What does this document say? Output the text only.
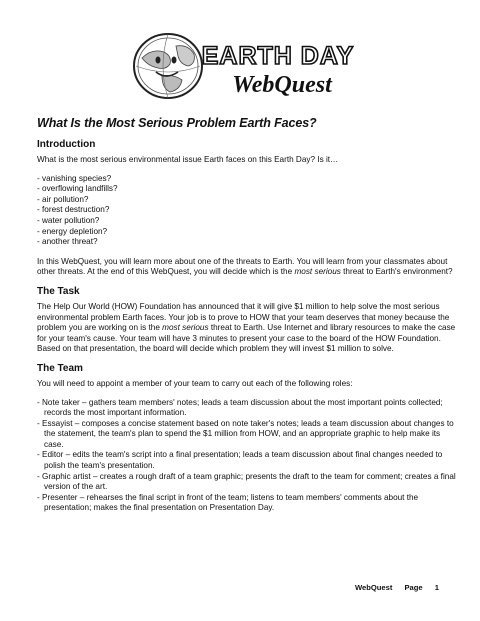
EARTH DAY
WebQuest
What Is the Most Serious Problem Earth Faces?
Introduction

What is the most serious environmental issue Earth faces on this Earth Day? Is it…

- vanishing species?
- overflowing landfills?
- air pollution?
- forest destruction?
- water pollution?
- energy depletion?
- another threat?

In this WebQuest, you will learn more about one of the threats to Earth. You will learn from your classmates about other threats. At the end of this WebQuest, you will decide which is the most serious threat to Earth's environment?

The Task

The Help Our World (HOW) Foundation has announced that it will give $1 million to help solve the most serious environmental problem Earth faces. Your job is to prove to HOW that your team deserves that money because the problem you are working on is the most serious threat to Earth. Use Internet and library resources to make the case for your team's cause. Your team will have 3 minutes to present your case to the board of the HOW Foundation. Based on that presentation, the board will decide which problem they will invest $1 million to solve.

The Team

You will need to appoint a member of your team to carry out each of the following roles:

- Note taker – gathers team members' notes; leads a team discussion about the most important points collected; records the most important information.
- Essayist – composes a concise statement based on note taker's notes; leads a team discussion about changes to the statement, the team's plan to spend the $1 million from HOW, and an appropriate graphic to help make its case.
- Editor – edits the team's script into a final presentation; leads a team discussion about final changes needed to polish the team's presentation.
- Graphic artist – creates a rough draft of a team graphic; presents the draft to the team for comment; creates a final version of the art.
- Presenter – rehearses the final script in front of the team; listens to team members' comments about the presentation; makes the final presentation on Presentation Day.
WebQuest Page 1
